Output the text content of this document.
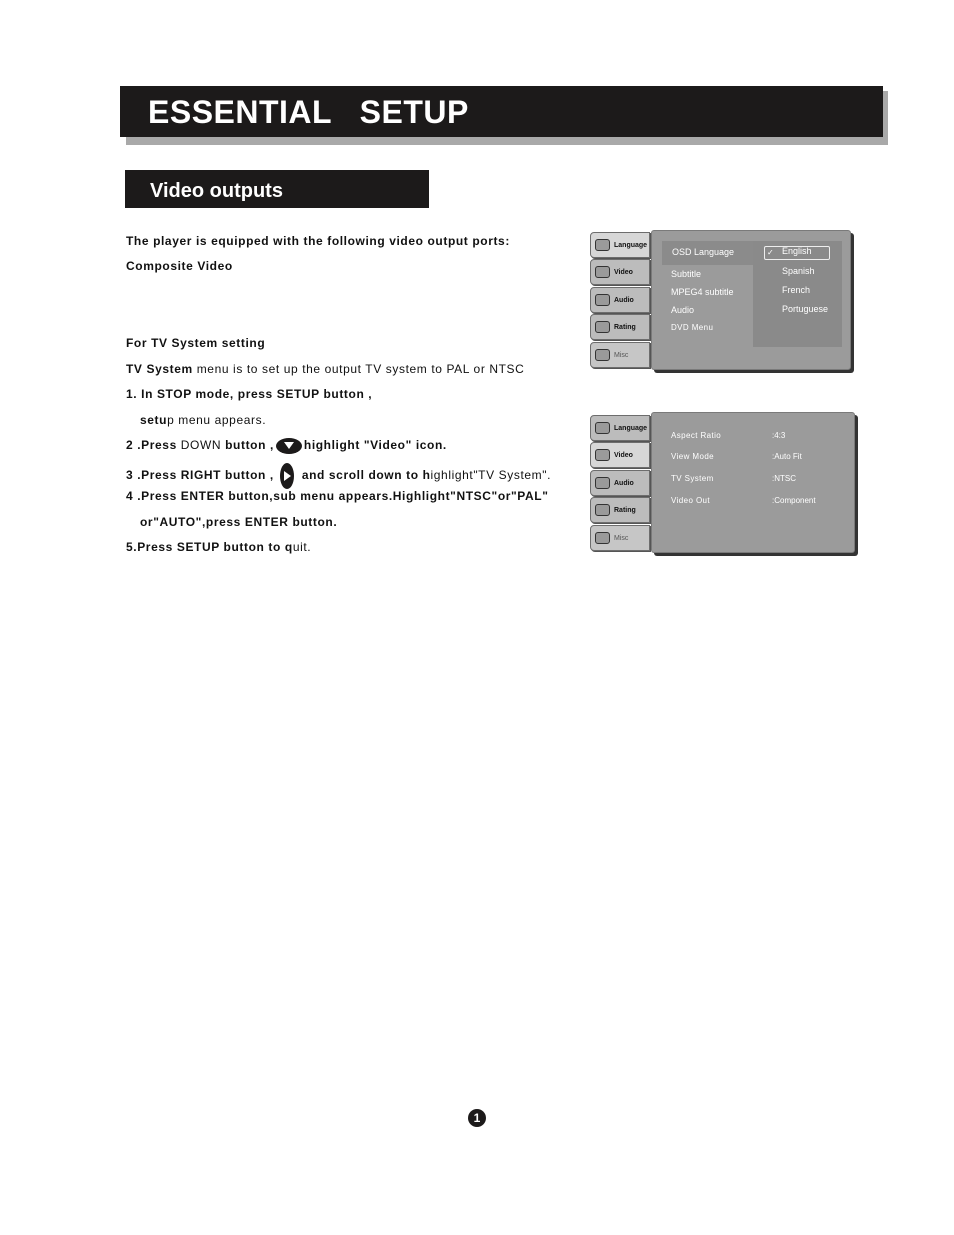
ESSENTIAL   SETUP
Video outputs
The player is equipped with the following video output ports:
Composite Video
For TV System setting
TV System menu is to set up the output TV system to PAL or NTSC
1. In STOP mode, press SETUP button ,
setup menu appears.
2 .Press DOWN button ,	highlight "Video" icon.
3 .Press RIGHT button , and scroll down to highlight"TV System".
4 .Press ENTER button,sub menu appears.Highlight"NTSC"or"PAL"
or"AUTO",press ENTER button.
5.Press SETUP button to quit.
Language
Video
Audio
Rating
Misc
OSD Language
Subtitle
MPEG4 subtitle
Audio
DVD Menu
✓ English
Spanish
French
Portuguese
Language
Video
Audio
Rating
Misc
Aspect Ratio
View Mode
TV System
Video Out
:4:3
:Auto Fit
:NTSC
:Component
1
